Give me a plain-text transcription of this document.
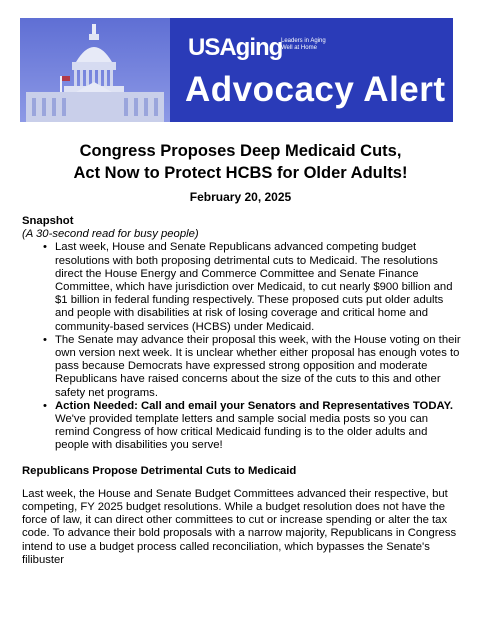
USAging
Leaders in Aging Well at Home
Advocacy Alert
Congress Proposes Deep Medicaid Cuts,
Act Now to Protect HCBS for Older Adults!
February 20, 2025
Snapshot
(A 30-second read for busy people)
• Last week, House and Senate Republicans advanced competing budget resolutions with both proposing detrimental cuts to Medicaid. The resolutions direct the House Energy and Commerce Committee and Senate Finance Committee, which have jurisdiction over Medicaid, to cut nearly $900 billion and $1 billion in federal funding respectively. These proposed cuts put older adults and people with disabilities at risk of losing coverage and critical home and community-based services (HCBS) under Medicaid.
• The Senate may advance their proposal this week, with the House voting on their own version next week. It is unclear whether either proposal has enough votes to pass because Democrats have expressed strong opposition and moderate Republicans have raised concerns about the size of the cuts to this and other safety net programs.
• Action Needed: Call and email your Senators and Representatives TODAY. We've provided template letters and sample social media posts so you can remind Congress of how critical Medicaid funding is to the older adults and people with disabilities you serve!
Republicans Propose Detrimental Cuts to Medicaid

Last week, the House and Senate Budget Committees advanced their respective, but competing, FY 2025 budget resolutions. While a budget resolution does not have the force of law, it can direct other committees to cut or increase spending or alter the tax code. To advance their bold proposals with a narrow majority, Republicans in Congress intend to use a budget process called reconciliation, which bypasses the Senate's filibuster
